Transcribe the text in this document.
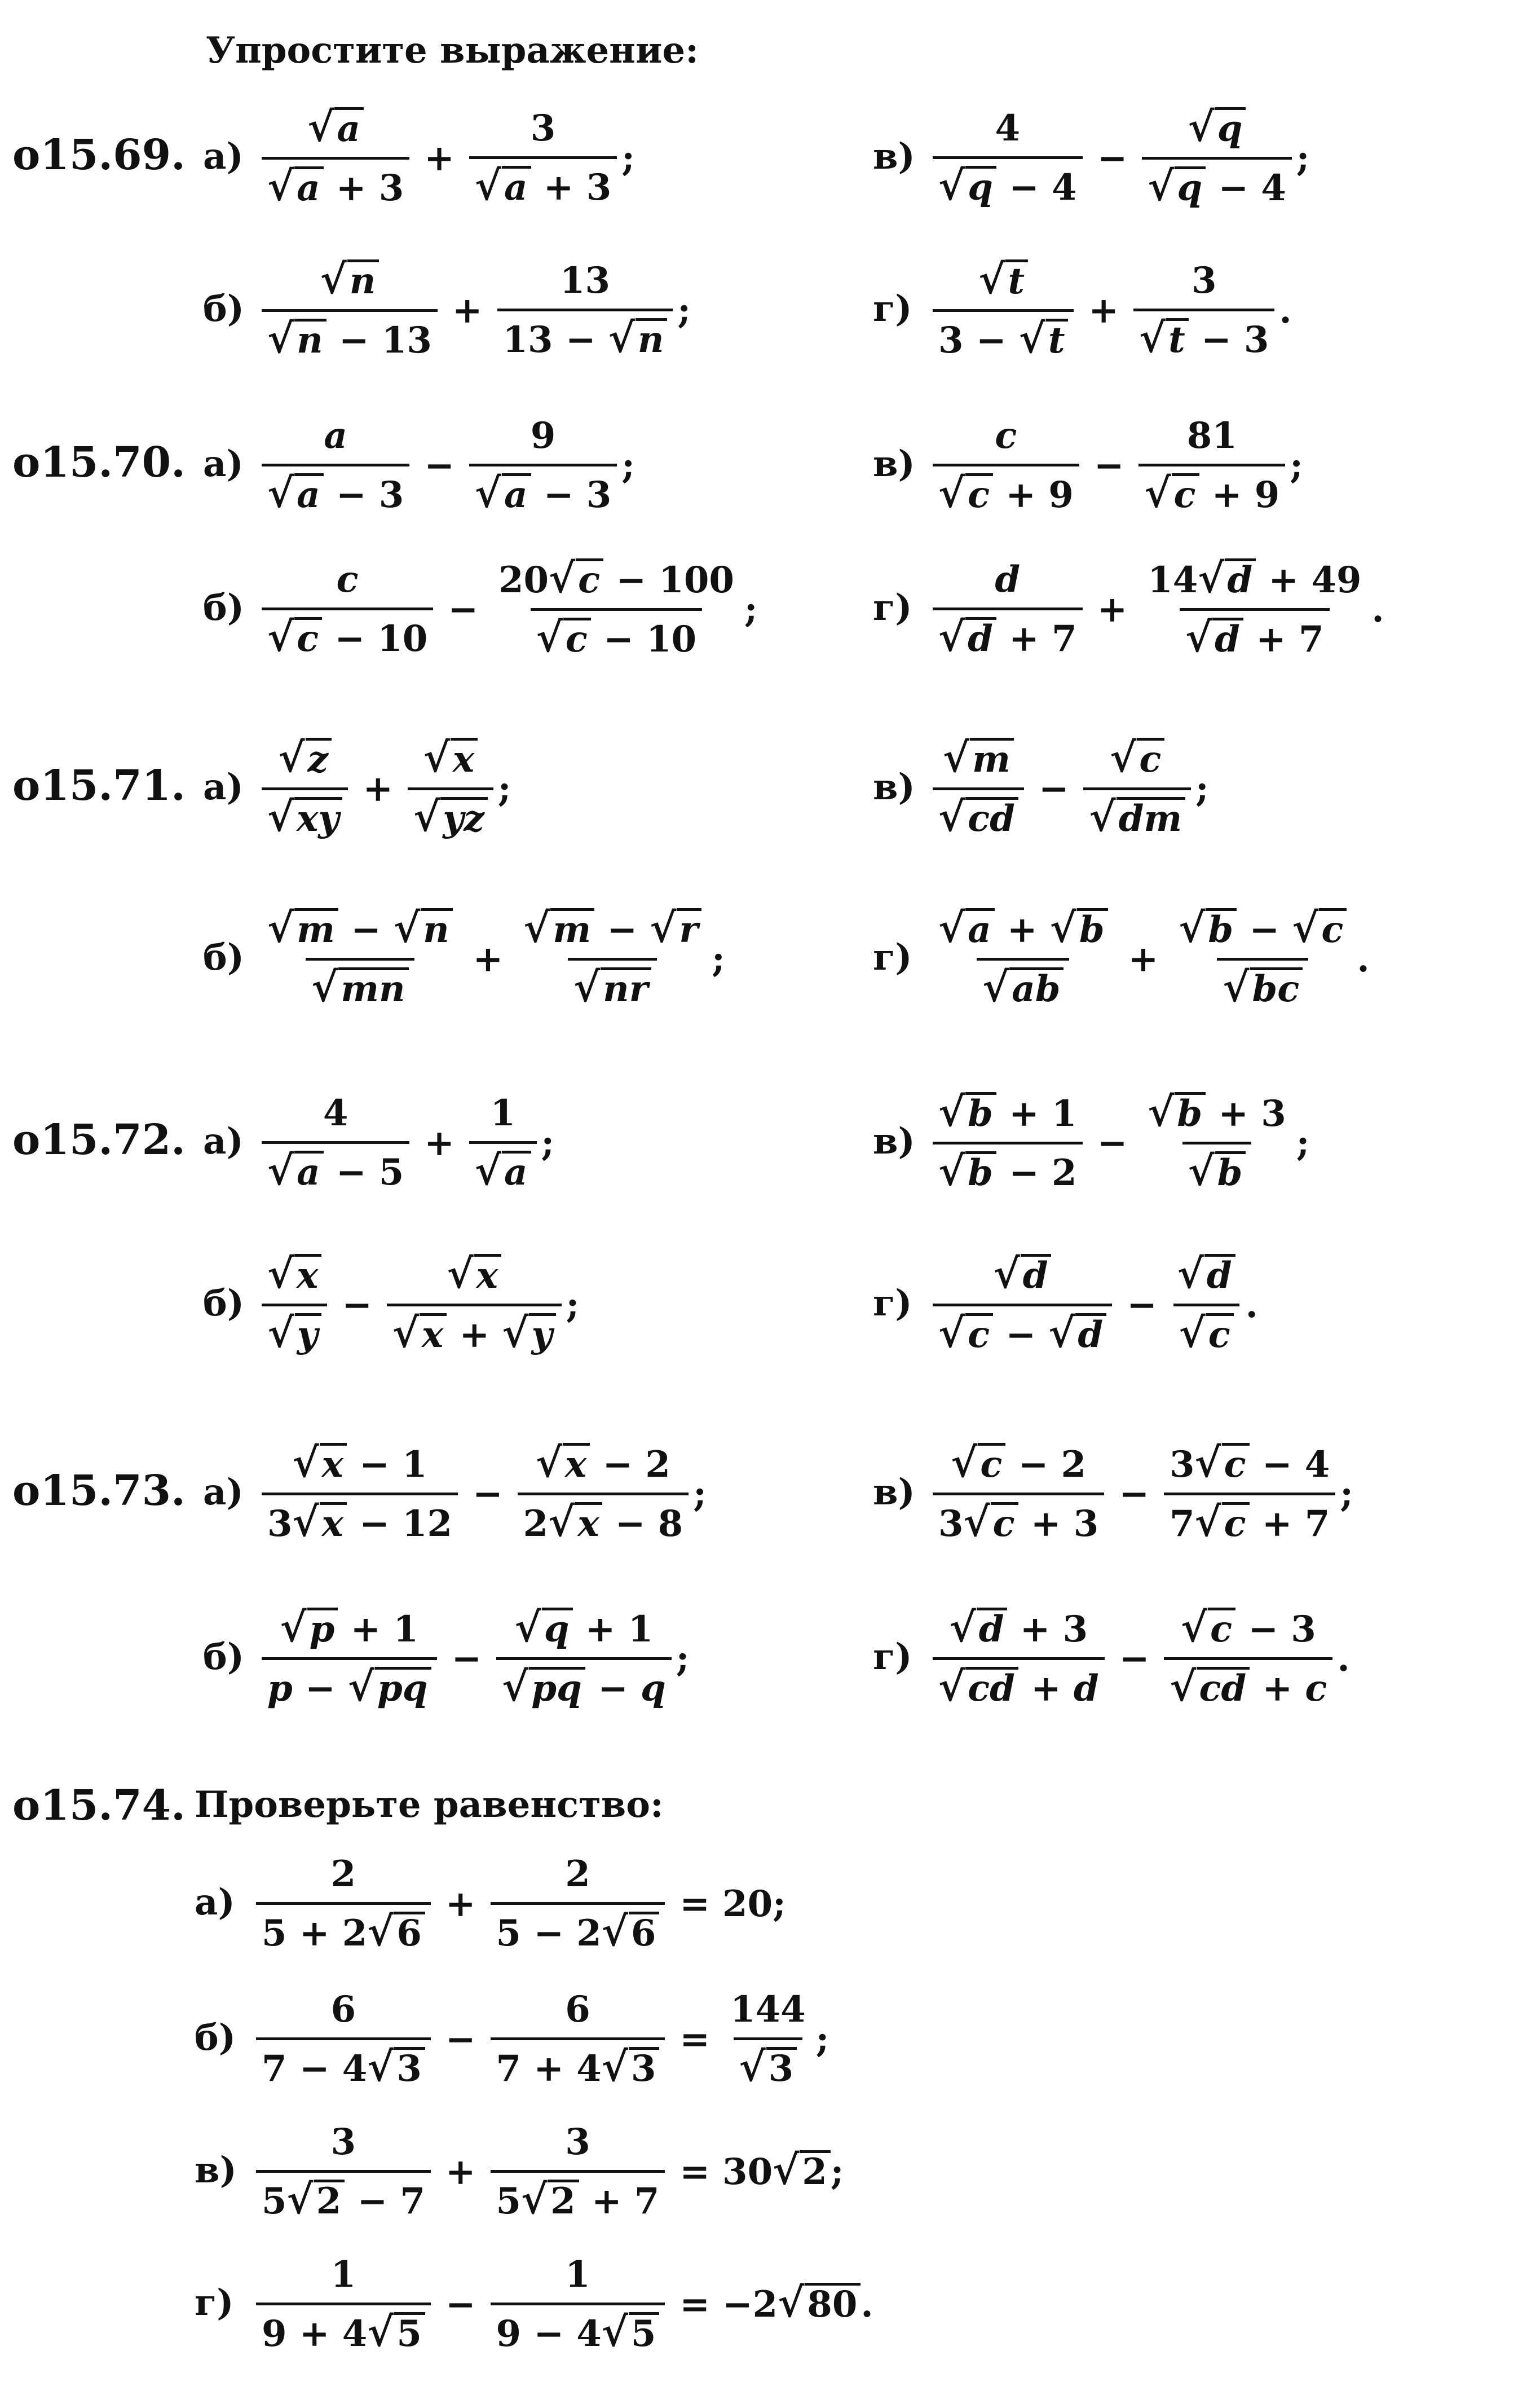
Упростите выражение:
о15.69. $а) \frac{√a}{√a + 3} + \frac{3}{√a + 3}$ ;	$в) \frac{4}{√q - 4} - \frac{√q}{√q - 4}$ ;
$б) \frac{√n}{√n - 13} + \frac{13}{13 - √n}$ ;	$г) \frac{√t}{3 - √t} + \frac{3}{√t - 3}$ .
о15.70. $а) \frac{a}{√a - 3} - \frac{9}{√a - 3}$ ;	$в) \frac{c}{√c + 9} - \frac{81}{√c + 9}$ ;
$б) \frac{c}{√c - 10} - \frac{20√c - 100}{√c - 10}$ ;	$г) \frac{d}{√d + 7} + \frac{14√d + 49}{√d + 7}$ .
о15.71. $а) \frac{√z}{√xy} + \frac{√x}{√yz}$ ;	$в) \frac{√m}{√cd} - \frac{√c}{√dm}$ ;
$б) \frac{√m - √n}{√mn} + \frac{√m - √r}{√nr}$ ;	$г) \frac{√a + √b}{√ab} + \frac{√b - √c}{√bc}$ .
о15.72. $а) \frac{4}{√a - 5} + \frac{1}{√a}$ ;	$в) \frac{√b + 1}{√b - 2} - \frac{√b + 3}{√b}$ ;
$б) \frac{√x}{√y} - \frac{√x}{√x + √y}$ ;	$г) \frac{√d}{√c - √d} - \frac{√d}{√c}$ .
о15.73. $а) \frac{√x - 1}{3√x - 12} - \frac{√x - 2}{2√x - 8}$ ;	$в) \frac{√c - 2}{3√c + 3} - \frac{3√c - 4}{7√c + 7}$ ;
$б) \frac{√p + 1}{p - √pq} - \frac{√q + 1}{√pq - q}$ ;	$г) \frac{√d + 3}{√cd + d} - \frac{√c - 3}{√cd + c}$ .
о15.74. Проверьте равенство:
$а) \frac{2}{5 + 2√6} + \frac{2}{5 - 2√6} = 20$;
$б) \frac{6}{7 - 4√3} - \frac{6}{7 + 4√3} = \frac{144}{√3}$ ;
$в) \frac{3}{5√2 - 7} + \frac{3}{5√2 + 7} = 30√2$;
$г) \frac{1}{9 + 4√5} - \frac{1}{9 - 4√5} = -2√80$.
